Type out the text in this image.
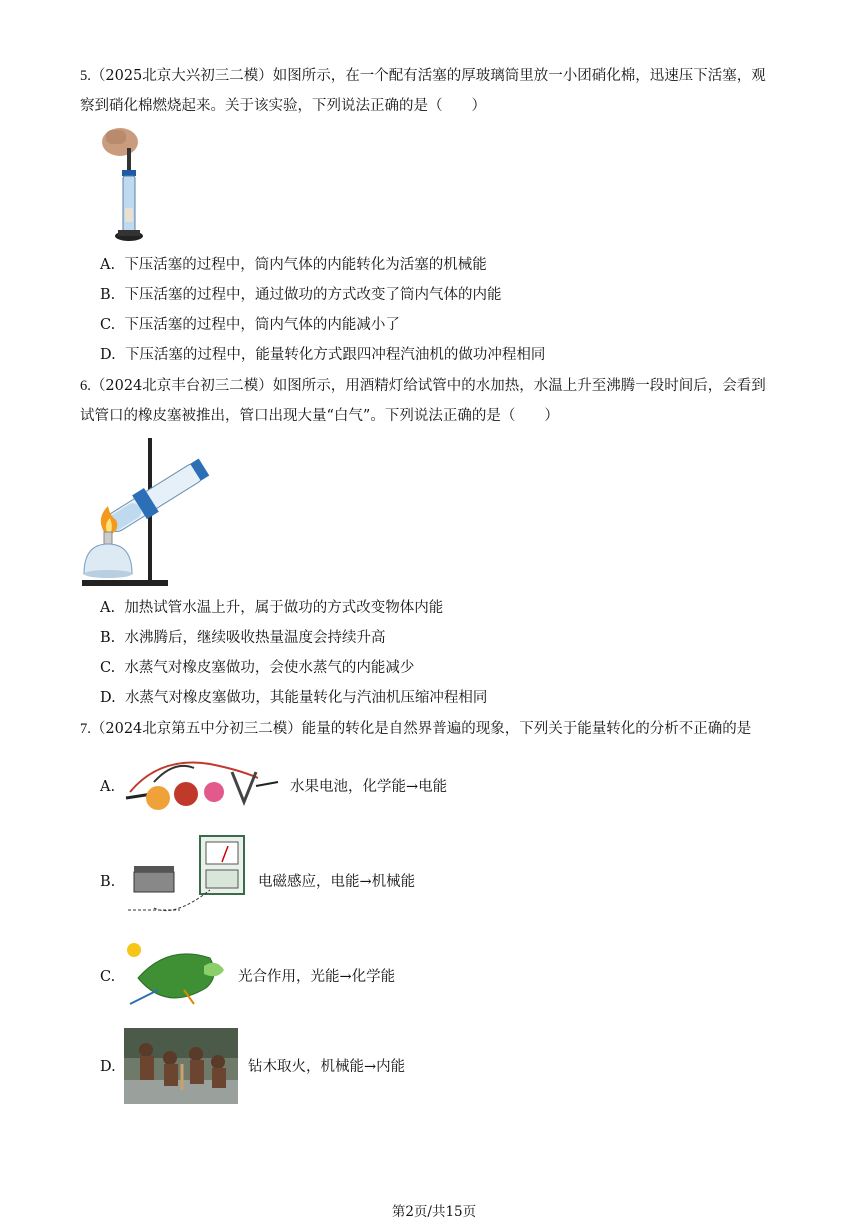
5.（2025北京大兴初三二模）如图所示，在一个配有活塞的厚玻璃筒里放一小团硝化棉，迅速压下活塞，观
察到硝化棉燃烧起来。关于该实验，下列说法正确的是（　　）
A. 下压活塞的过程中，筒内气体的内能转化为活塞的机械能
B. 下压活塞的过程中，通过做功的方式改变了筒内气体的内能
C. 下压活塞的过程中，筒内气体的内能减小了
D. 下压活塞的过程中，能量转化方式跟四冲程汽油机的做功冲程相同
6.（2024北京丰台初三二模）如图所示，用酒精灯给试管中的水加热，水温上升至沸腾一段时间后，会看到
试管口的橡皮塞被推出，管口出现大量“白气”。下列说法正确的是（　　）
A. 加热试管水温上升，属于做功的方式改变物体内能
B. 水沸腾后，继续吸收热量温度会持续升高
C. 水蒸气对橡皮塞做功，会使水蒸气的内能减少
D. 水蒸气对橡皮塞做功，其能量转化与汽油机压缩冲程相同
7.（2024北京第五中分初三二模）能量的转化是自然界普遍的现象，下列关于能量转化的分析不正确的是
A.	水果电池，化学能→电能
B.	电磁感应，电能→机械能
C.	光合作用，光能→化学能
D.	钻木取火，机械能→内能
第2页/共15页
